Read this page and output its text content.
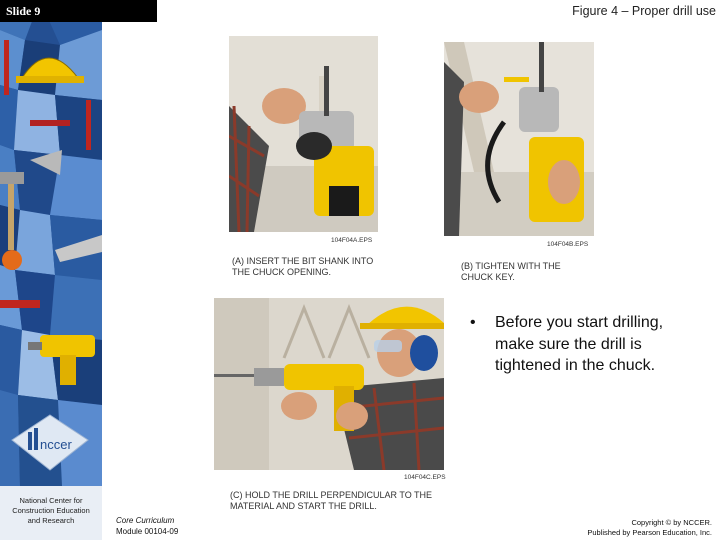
nccer
National Center for Construction Education and Research
Slide 9	Figure 4 – Proper drill use
104F04A.EPS
(A) INSERT THE BIT SHANK INTO THE CHUCK OPENING.
104F04B.EPS
(B) TIGHTEN WITH THE CHUCK KEY.
104F04C.EPS
(C) HOLD THE DRILL PERPENDICULAR TO THE MATERIAL AND START THE DRILL.
• Before you start drilling, make sure the drill is tightened in the chuck.
Core Curriculum
Module 00104-09
Copyright © by NCCER.
Published by Pearson Education, Inc.
